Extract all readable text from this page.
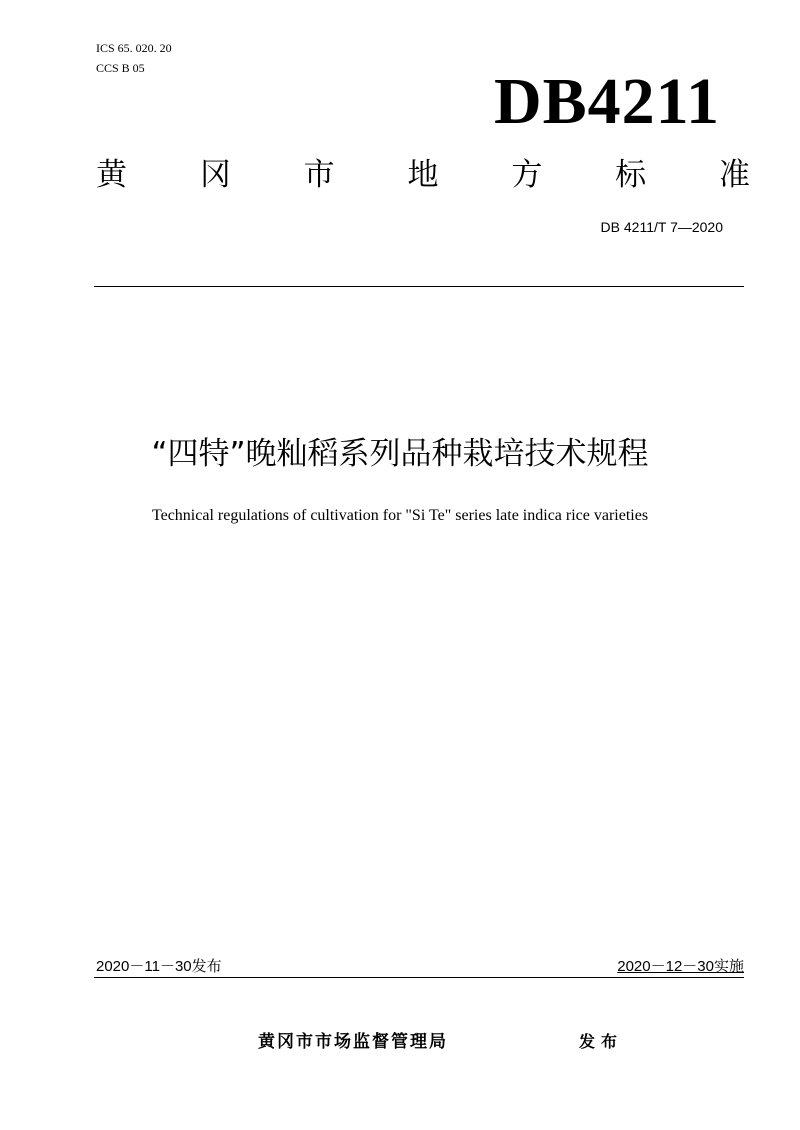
ICS 65. 020. 20
CCS B 05	DB4211
黄 冈 市 地 方 标 准
DB 4211/T 7—2020
“四特”晚籼稻系列品种栽培技术规程
Technical regulations of cultivation for "Si Te" series late indica rice varieties
2020－11－30发布	2020－12－30实施
黄冈市市场监督管理局	发布
